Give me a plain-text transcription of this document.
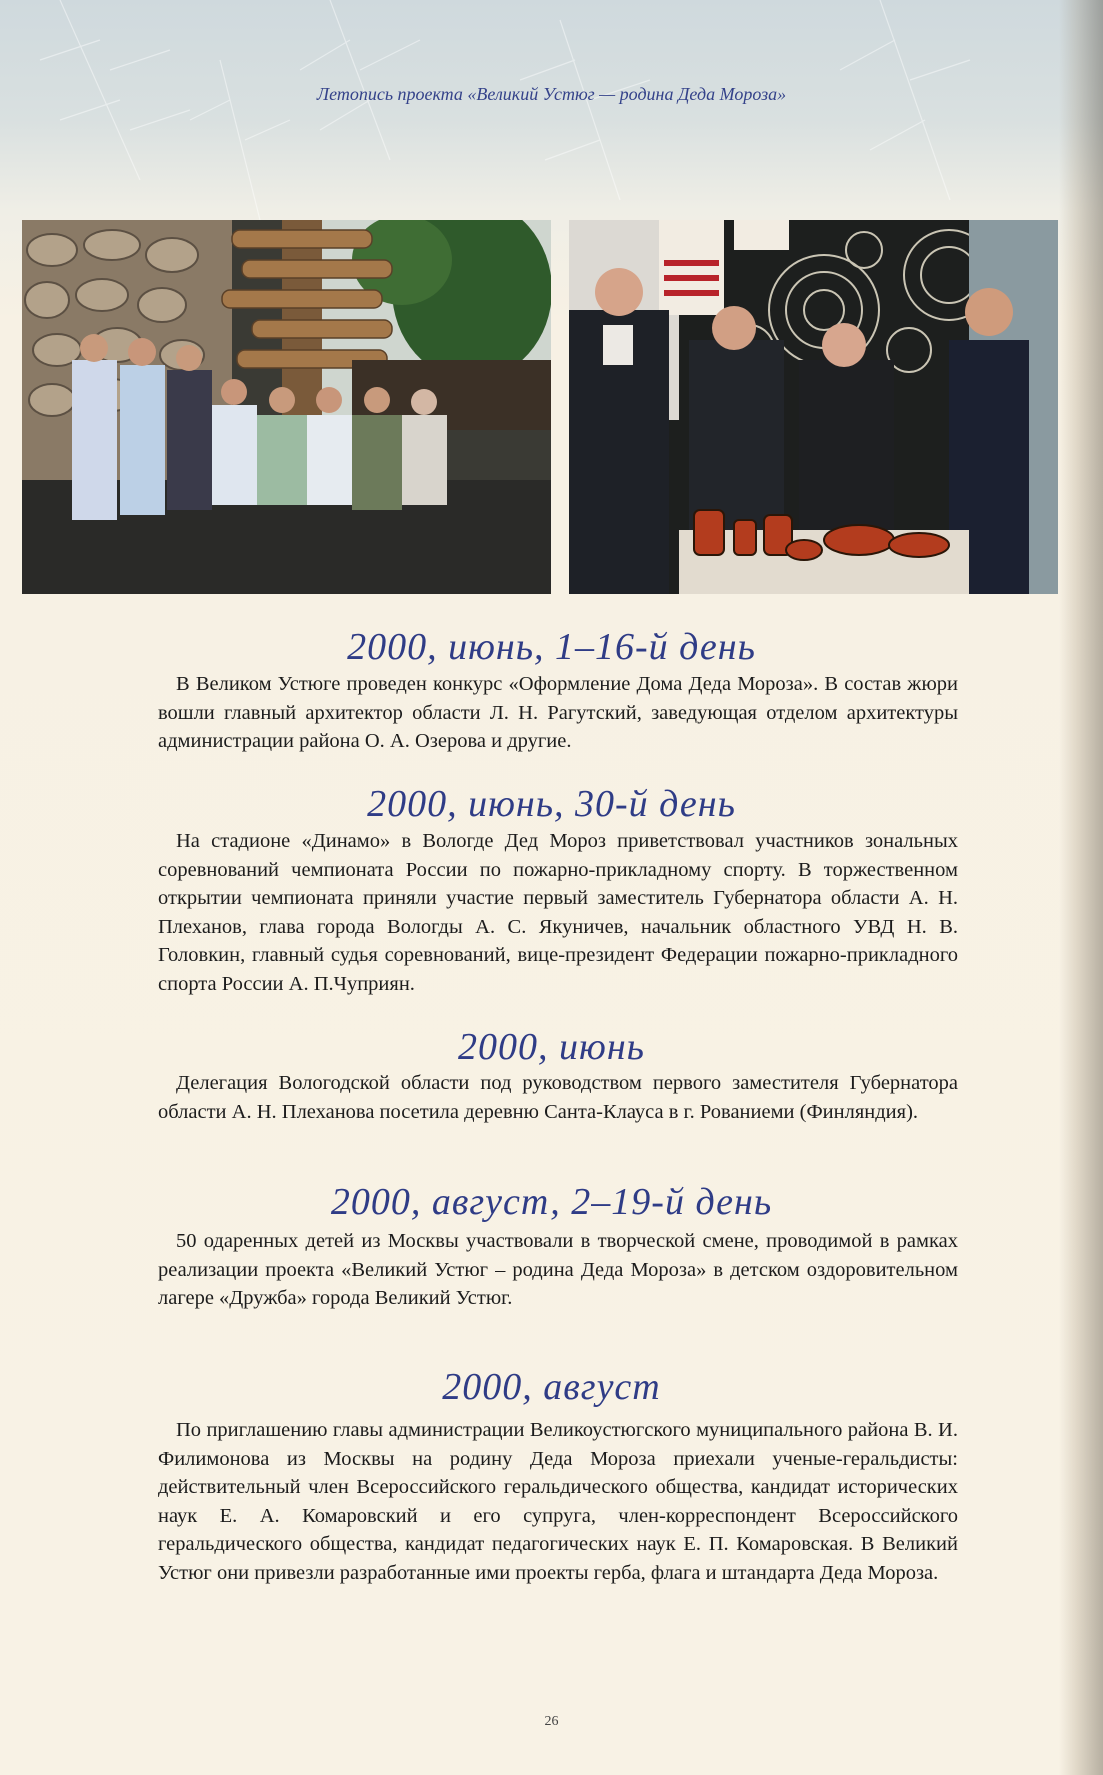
Летопись проекта «Великий Устюг — родина Деда Мороза»
2000, июнь, 1–16-й день
В Великом Устюге проведен конкурс «Оформление Дома Деда Мороза». В состав жюри вошли главный архитектор области Л. Н. Рагутский, заведующая отделом архитектуры администрации района О. А. Озерова и другие.
2000, июнь, 30-й день
На стадионе «Динамо» в Вологде Дед Мороз приветствовал участников зональных соревнований чемпионата России по пожарно-прикладному спорту. В торжественном открытии чемпионата приняли участие первый заместитель Губернатора области А. Н. Плеханов, глава города Вологды А. С. Якуничев, начальник областного УВД Н. В. Головкин, главный судья соревнований, вице-президент Федерации пожарно-прикладного спорта России А. П.Чуприян.
2000, июнь
Делегация Вологодской области под руководством первого заместителя Губернатора области А. Н. Плеханова посетила деревню Санта-Клауса в г. Рованиеми (Финляндия).
2000, август, 2–19-й день
50 одаренных детей из Москвы участвовали в творческой смене, проводимой в рамках реализации проекта «Великий Устюг – родина Деда Мороза» в детском оздоровительном лагере «Дружба» города Великий Устюг.
2000, август
По приглашению главы администрации Великоустюгского муниципального района В. И. Филимонова из Москвы на родину Деда Мороза приехали ученые-геральдисты: действительный член Всероссийского геральдического общества, кандидат исторических наук Е. А. Комаровский и его супруга, член-корреспондент Всероссийского геральдического общества, кандидат педагогических наук Е. П. Комаровская. В Великий Устюг они привезли разработанные ими проекты герба, флага и штандарта Деда Мороза.
26
